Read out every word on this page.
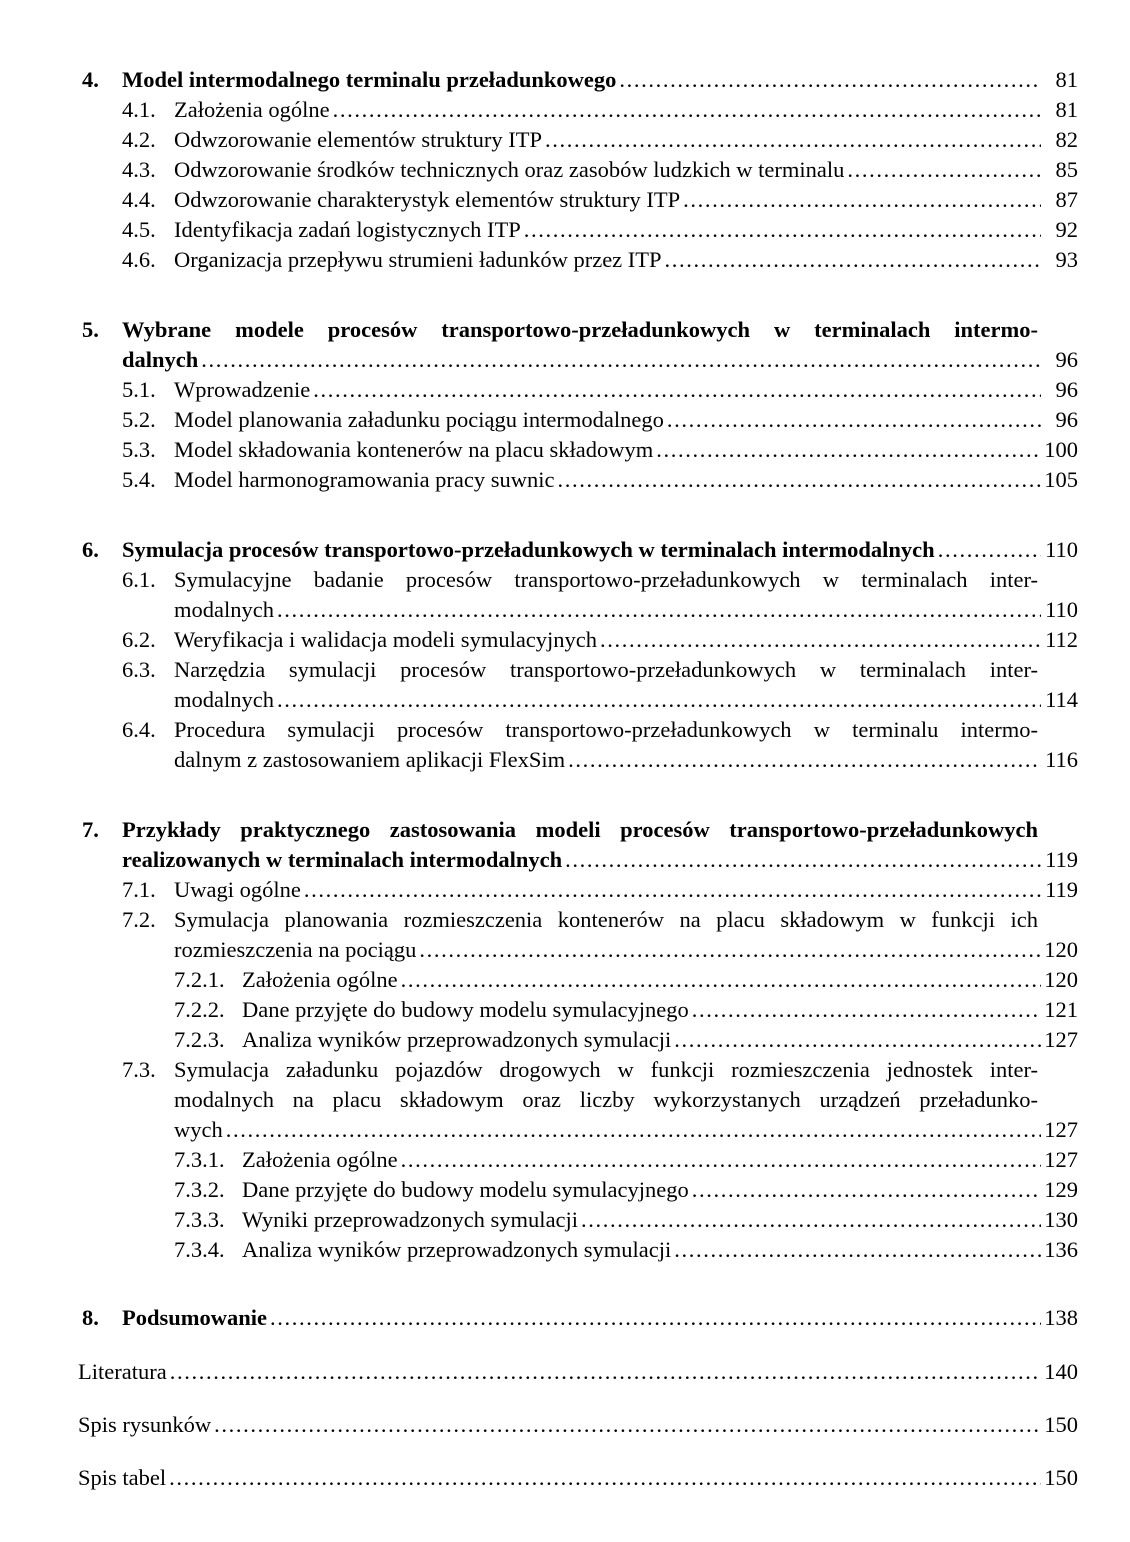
4. Model intermodalnego terminalu przeładunkowego . . .	81
4.1. Założenia ogólne . . .	81
4.2. Odwzorowanie elementów struktury ITP . . .	82
4.3. Odwzorowanie środków technicznych oraz zasobów ludzkich w terminalu . . .	85
4.4. Odwzorowanie charakterystyk elementów struktury ITP . . .	87
4.5. Identyfikacja zadań logistycznych ITP . . .	92
4.6. Organizacja przepływu strumieni ładunków przez ITP . . .	93
5. Wybrane modele procesów transportowo-przeładunkowych w terminalach intermo-
dalnych . . .	96
5.1. Wprowadzenie . . .	96
5.2. Model planowania załadunku pociągu intermodalnego . . .	96
5.3. Model składowania kontenerów na placu składowym . . .	100
5.4. Model harmonogramowania pracy suwnic . . .	105
6. Symulacja procesów transportowo-przeładunkowych w terminalach intermodalnych . . .	110
6.1. Symulacyjne badanie procesów transportowo-przeładunkowych w terminalach inter-
modalnych . . .	110
6.2. Weryfikacja i walidacja modeli symulacyjnych . . .	112
6.3. Narzędzia symulacji procesów transportowo-przeładunkowych w terminalach inter-
modalnych . . .	114
6.4. Procedura symulacji procesów transportowo-przeładunkowych w terminalu intermo-
dalnym z zastosowaniem aplikacji FlexSim . . .	116
7. Przykłady praktycznego zastosowania modeli procesów transportowo-przeładunkowych
realizowanych w terminalach intermodalnych . . .	119
7.1. Uwagi ogólne . . .	119
7.2. Symulacja planowania rozmieszczenia kontenerów na placu składowym w funkcji ich
rozmieszczenia na pociągu . . .	120
7.2.1. Założenia ogólne . . .	120
7.2.2. Dane przyjęte do budowy modelu symulacyjnego . . .	121
7.2.3. Analiza wyników przeprowadzonych symulacji . . .	127
7.3. Symulacja załadunku pojazdów drogowych w funkcji rozmieszczenia jednostek inter-
modalnych na placu składowym oraz liczby wykorzystanych urządzeń przeładunko-
wych . . .	127
7.3.1. Założenia ogólne . . .	127
7.3.2. Dane przyjęte do budowy modelu symulacyjnego . . .	129
7.3.3. Wyniki przeprowadzonych symulacji . . .	130
7.3.4. Analiza wyników przeprowadzonych symulacji . . .	136
8. Podsumowanie . . .	138
Literatura . . .	140
Spis rysunków . . .	150
Spis tabel . . .	150
